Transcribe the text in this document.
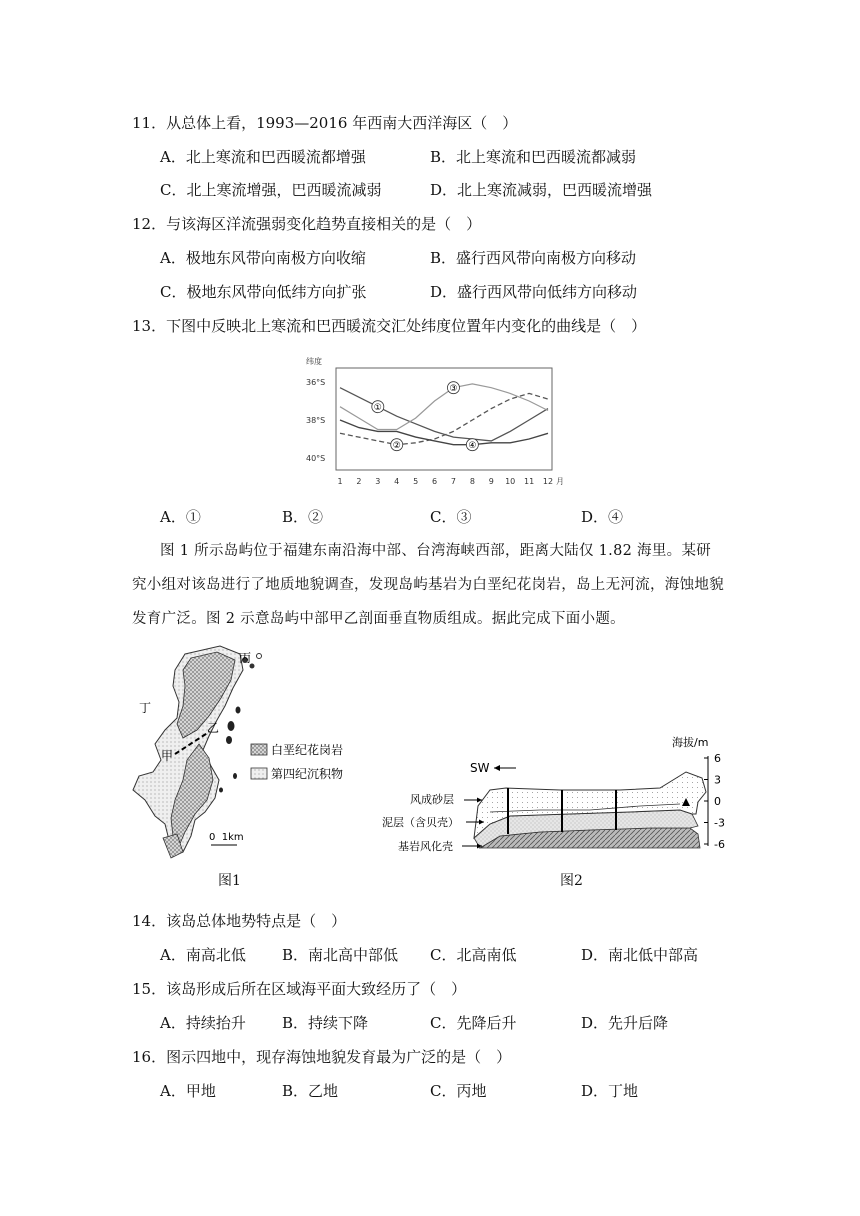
11．从总体上看，1993—2016 年西南大西洋海区（　）
A．北上寒流和巴西暖流都增强	B．北上寒流和巴西暖流都减弱
C．北上寒流增强，巴西暖流减弱	D．北上寒流减弱，巴西暖流增强
12．与该海区洋流强弱变化趋势直接相关的是（　）
A．极地东风带向南极方向收缩	B．盛行西风带向南极方向移动
C．极地东风带向低纬方向扩张	D．盛行西风带向低纬方向移动
13．下图中反映北上寒流和巴西暖流交汇处纬度位置年内变化的曲线是（　）
纬度
36°S
38°S
40°S
1 2 3 4 5 6 7 8 9 10 11 12
①
②
③
④
月
A．①	B．②	C．③	D．④
图 1 所示岛屿位于福建东南沿海中部、台湾海峡西部，距离大陆仅 1.82 海里。某研
究小组对该岛进行了地质地貌调查，发现岛屿基岩为白垩纪花岗岩，岛上无河流，海蚀地貌
发育广泛。图 2 示意岛屿中部甲乙剖面垂直物质组成。据此完成下面小题。
丙
丁
乙
甲	白垩纪花岗岩
第四纪沉积物
0  1km
图1
海拔/m
6
3
0
-3
-6
SW
风成砂层
泥层（含贝壳）
基岩风化壳
图2
14．该岛总体地势特点是（　）
A．南高北低 B．南北高中部低 C．北高南低	D．南北低中部高
15．该岛形成后所在区域海平面大致经历了（　）
A．持续抬升 B．持续下降	C．先降后升	D．先升后降
16．图示四地中，现存海蚀地貌发育最为广泛的是（　）
A．甲地	B．乙地	C．丙地	D．丁地
